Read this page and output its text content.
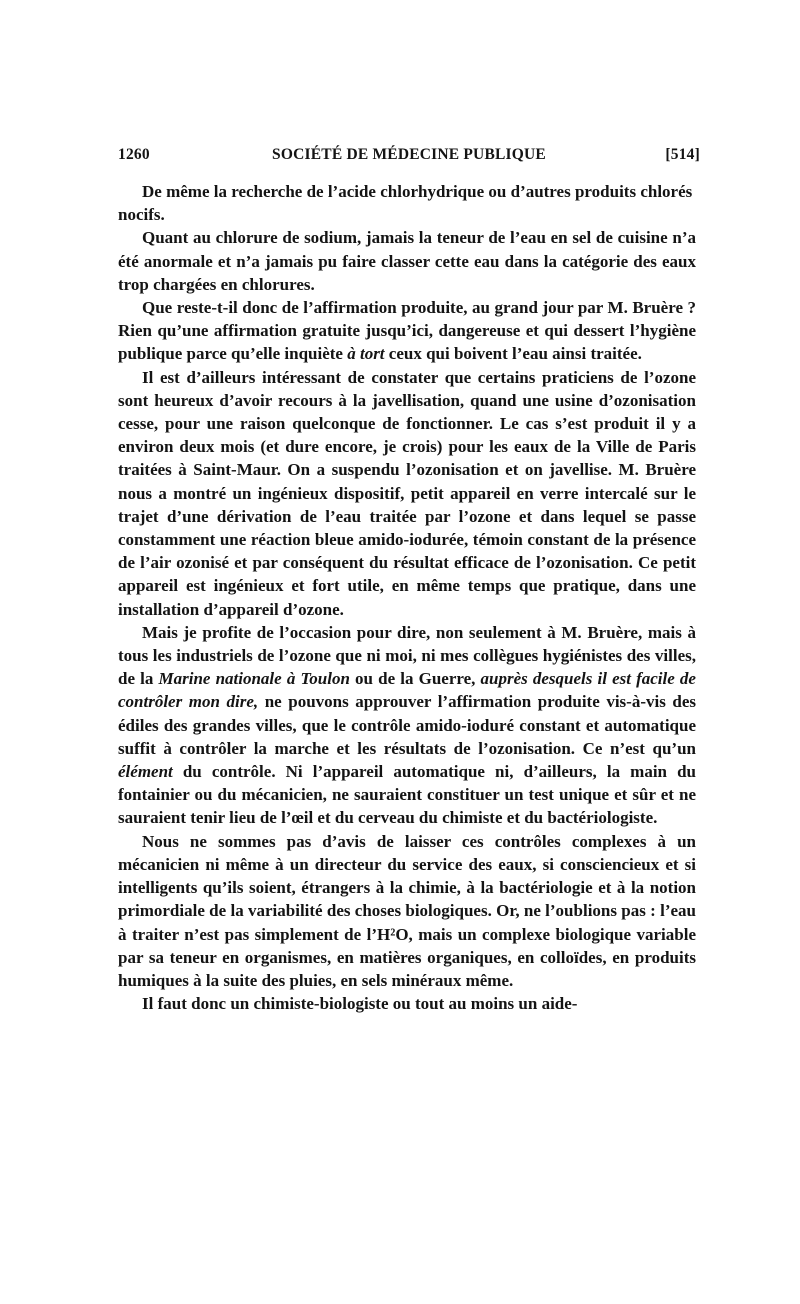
1260	SOCIÉTÉ DE MÉDECINE PUBLIQUE	[514]

De même la recherche de l’acide chlorhydrique ou d’autres produits chlorés nocifs.

Quant au chlorure de sodium, jamais la teneur de l’eau en sel de cuisine n’a été anormale et n’a jamais pu faire classer cette eau dans la catégorie des eaux trop chargées en chlorures.

Que reste-t-il donc de l’affirmation produite, au grand jour par M. Bruère ? Rien qu’une affirmation gratuite jusqu’ici, dangereuse et qui dessert l’hygiène publique parce qu’elle inquiète à tort ceux qui boivent l’eau ainsi traitée.

Il est d’ailleurs intéressant de constater que certains praticiens de l’ozone sont heureux d’avoir recours à la javellisation, quand une usine d’ozonisation cesse, pour une raison quelconque de fonctionner. Le cas s’est produit il y a environ deux mois (et dure encore, je crois) pour les eaux de la Ville de Paris traitées à Saint-Maur. On a suspendu l’ozonisation et on javellise. M. Bruère nous a montré un ingénieux dispositif, petit appareil en verre intercalé sur le trajet d’une dérivation de l’eau traitée par l’ozone et dans lequel se passe constamment une réaction bleue amido-iodurée, témoin constant de la présence de l’air ozonisé et par conséquent du résultat efficace de l’ozonisation. Ce petit appareil est ingénieux et fort utile, en même temps que pratique, dans une installation d’appareil d’ozone.

Mais je profite de l’occasion pour dire, non seulement à M. Bruère, mais à tous les industriels de l’ozone que ni moi, ni mes collègues hygiénistes des villes, de la Marine nationale à Toulon ou de la Guerre, auprès desquels il est facile de contrôler mon dire, ne pouvons approuver l’affirmation produite vis-à-vis des édiles des grandes villes, que le contrôle amido-ioduré constant et automatique suffit à contrôler la marche et les résultats de l’ozonisation. Ce n’est qu’un élément du contrôle. Ni l’appareil automatique ni, d’ailleurs, la main du fontainier ou du mécanicien, ne sauraient constituer un test unique et sûr et ne sauraient tenir lieu de l’œil et du cerveau du chimiste et du bactériologiste.

Nous ne sommes pas d’avis de laisser ces contrôles complexes à un mécanicien ni même à un directeur du service des eaux, si consciencieux et si intelligents qu’ils soient, étrangers à la chimie, à la bactériologie et à la notion primordiale de la variabilité des choses biologiques. Or, ne l’oublions pas : l’eau à traiter n’est pas simplement de l’H²O, mais un complexe biologique variable par sa teneur en organismes, en matières organiques, en colloïdes, en produits humiques à la suite des pluies, en sels minéraux même.

Il faut donc un chimiste-biologiste ou tout au moins un aide-
